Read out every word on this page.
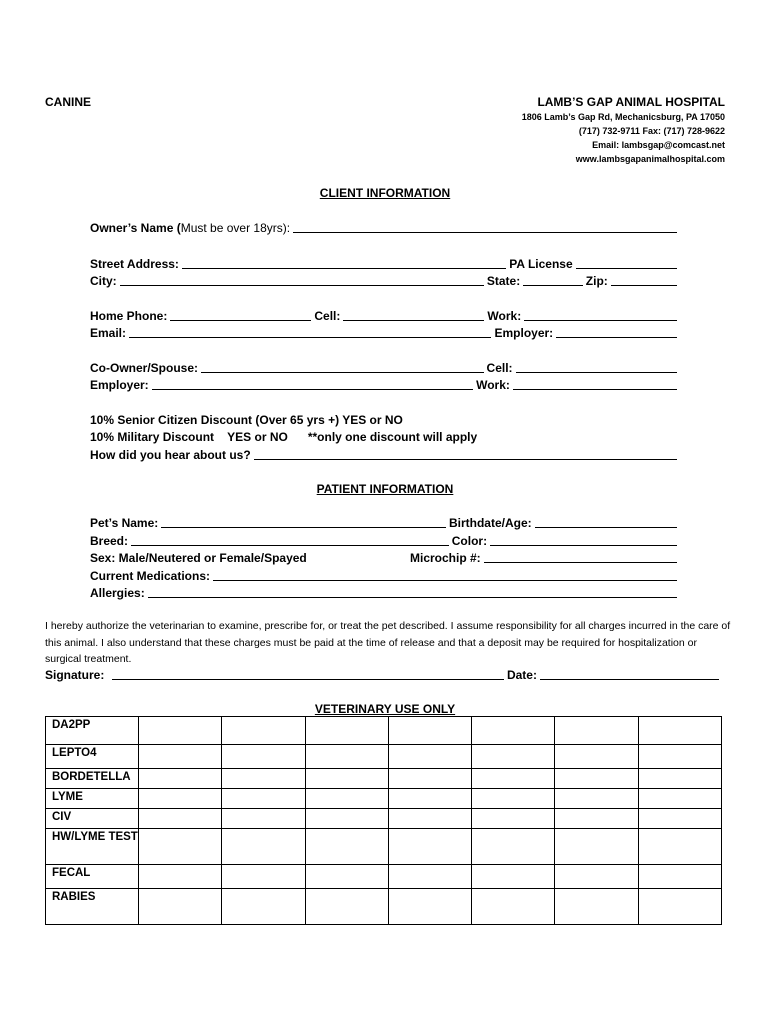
CANINE	LAMB’S GAP ANIMAL HOSPITAL
1806 Lamb’s Gap Rd, Mechanicsburg, PA 17050
(717) 732-9711 Fax: (717) 728-9622
Email: lambsgap@comcast.net
www.lambsgapanimalhospital.com
CLIENT INFORMATION
Owner’s Name ( Must be over 18yrs):
Street Address:	PA License
City:	State:	Zip:
Home Phone:	Cell:	Work:
Email:	Employer:
Co-Owner/Spouse:	Cell:
Employer:	Work:
10% Senior Citizen Discount (Over 65 yrs +) YES or NO
10% Military Discount    YES or NO      **only one discount will apply
How did you hear about us?
PATIENT INFORMATION
Pet’s Name:	Birthdate/Age:
Breed:	Color:
Sex: Male/Neutered or Female/Spayed	Microchip #:
Current Medications:
Allergies:
I hereby authorize the veterinarian to examine, prescribe for, or treat the pet described. I assume responsibility for all charges incurred in the care of this animal. I also understand that these charges must be paid at the time of release and that a deposit may be required for hospitalization or surgical treatment.
Signature:	Date:
VETERINARY USE ONLY
DA2PP							
LEPTO4							
BORDETELLA							
LYME							
CIV							
HW/LYME TEST							
FECAL							
RABIES							
